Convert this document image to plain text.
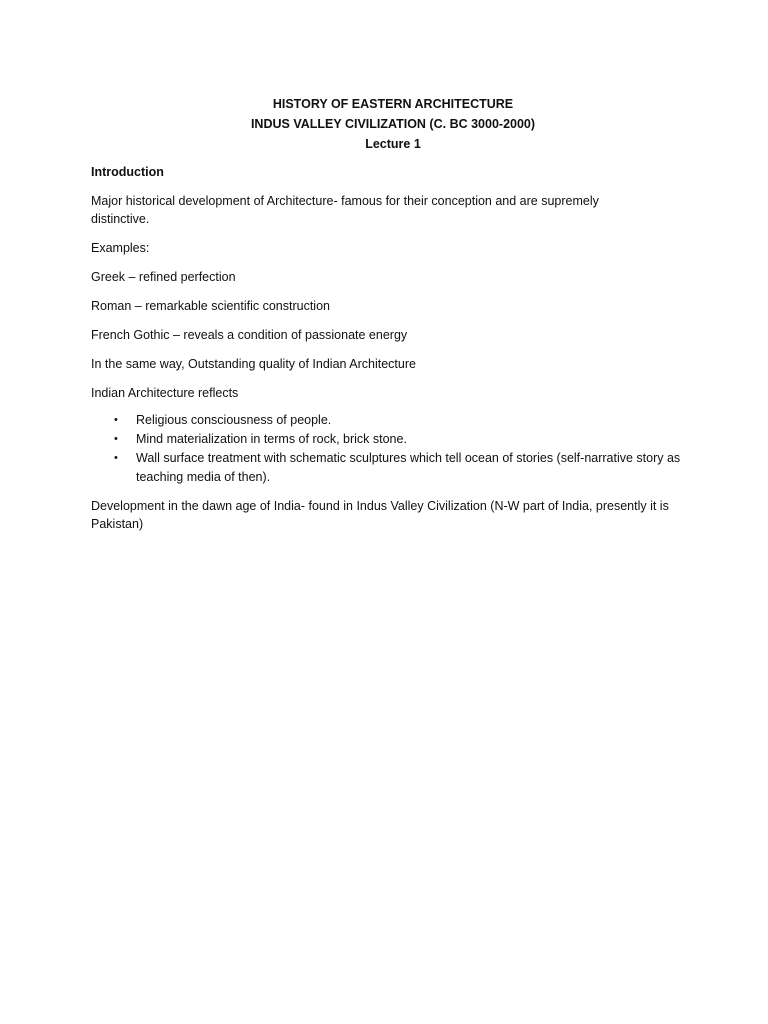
HISTORY OF EASTERN ARCHITECTURE

INDUS VALLEY CIVILIZATION (C. BC 3000-2000)

Lecture 1

Introduction

Major historical development of Architecture- famous for their conception and are supremely distinctive.

Examples:

Greek – refined perfection

Roman – remarkable scientific construction

French Gothic – reveals a condition of passionate energy

In the same way, Outstanding quality of Indian Architecture

Indian Architecture reflects

• Religious consciousness of people.
• Mind materialization in terms of rock, brick stone.
• Wall surface treatment with schematic sculptures which tell ocean of stories (self-narrative story as teaching media of then).

Development in the dawn age of India- found in Indus Valley Civilization (N-W part of India, presently it is Pakistan)
